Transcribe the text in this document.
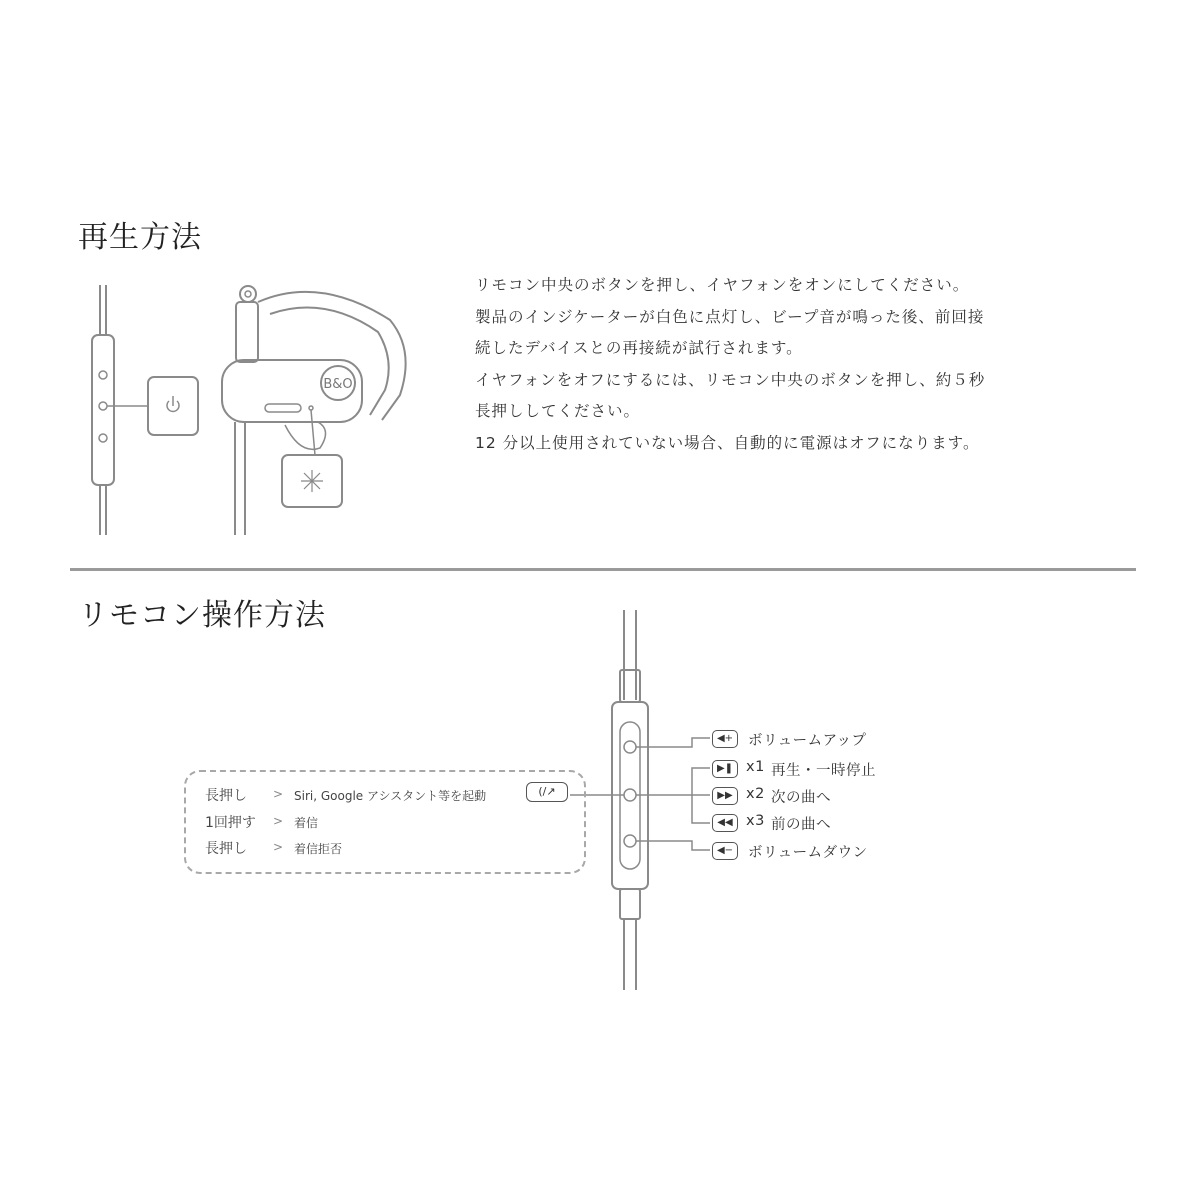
再生方法
B&O
リモコン中央のボタンを押し、イヤフォンをオンにしてください。
製品のインジケーターが白色に点灯し、ビープ音が鳴った後、前回接
続したデバイスとの再接続が試行されます。
イヤフォンをオフにするには、リモコン中央のボタンを押し、約５秒
長押ししてください。
12 分以上使用されていない場合、自動的に電源はオフになります。
リモコン操作方法
長押し > Siri, Google アシスタント等を起動
1回押す > 着信
長押し > 着信拒否
(/↗
◀+	ボリュームアップ
▶❚ x1 再生・一時停止
▶▶ x2 次の曲へ
◀◀ x3 前の曲へ
◀−	ボリュームダウン
